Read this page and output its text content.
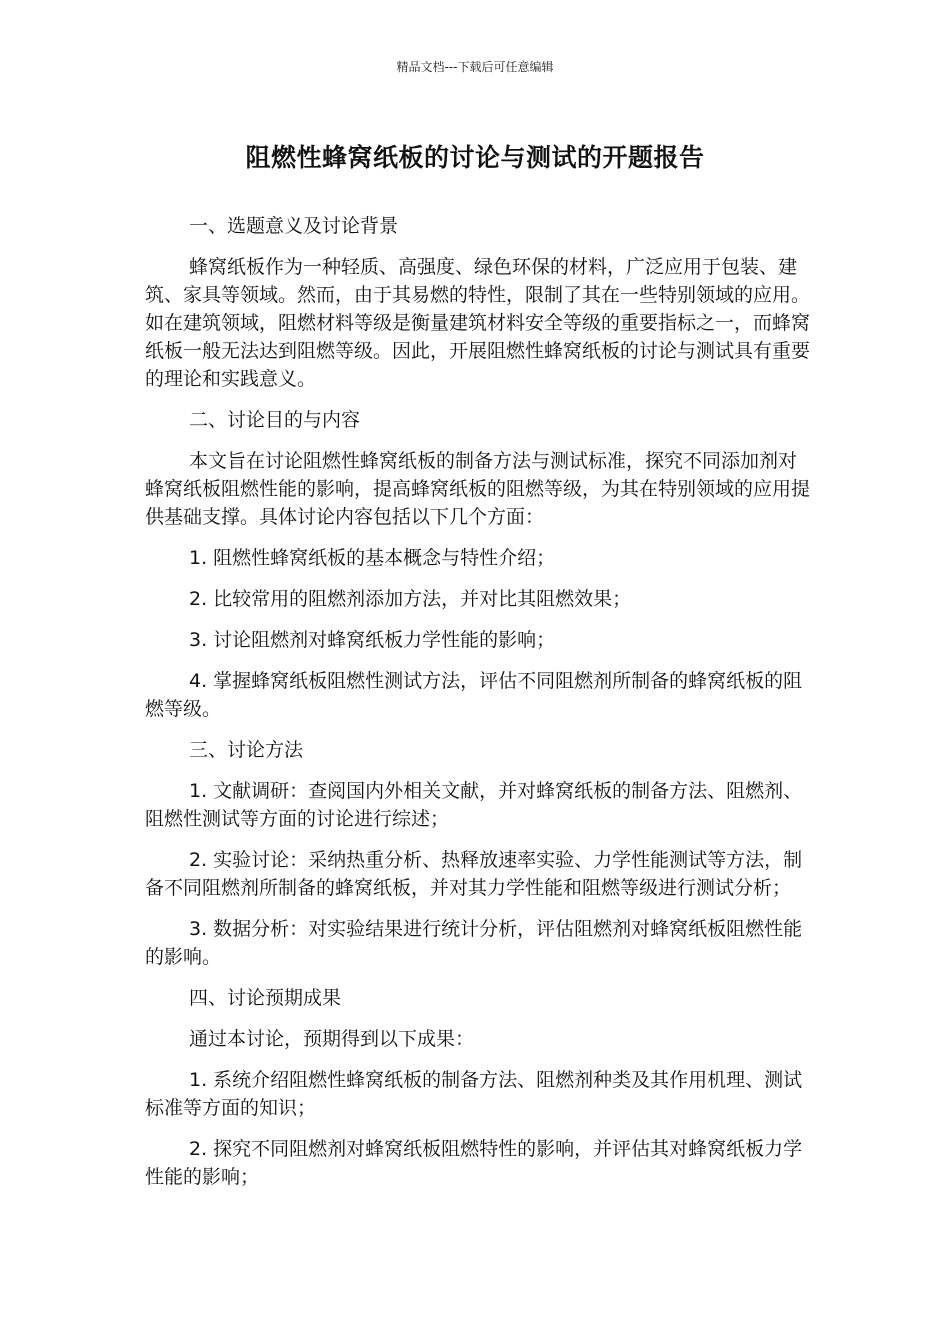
精品文档---下载后可任意编辑
阻燃性蜂窝纸板的讨论与测试的开题报告

一、选题意义及讨论背景

蜂窝纸板作为一种轻质、高强度、绿色环保的材料，广泛应用于包装、建筑、家具等领域。然而，由于其易燃的特性，限制了其在一些特别领域的应用。如在建筑领域，阻燃材料等级是衡量建筑材料安全等级的重要指标之一，而蜂窝纸板一般无法达到阻燃等级。因此，开展阻燃性蜂窝纸板的讨论与测试具有重要的理论和实践意义。

二、讨论目的与内容

本文旨在讨论阻燃性蜂窝纸板的制备方法与测试标准，探究不同添加剂对蜂窝纸板阻燃性能的影响，提高蜂窝纸板的阻燃等级，为其在特别领域的应用提供基础支撑。具体讨论内容包括以下几个方面：

1. 阻燃性蜂窝纸板的基本概念与特性介绍；

2. 比较常用的阻燃剂添加方法，并对比其阻燃效果；

3. 讨论阻燃剂对蜂窝纸板力学性能的影响；

4. 掌握蜂窝纸板阻燃性测试方法，评估不同阻燃剂所制备的蜂窝纸板的阻燃等级。

三、讨论方法

1. 文献调研：查阅国内外相关文献，并对蜂窝纸板的制备方法、阻燃剂、阻燃性测试等方面的讨论进行综述；

2. 实验讨论：采纳热重分析、热释放速率实验、力学性能测试等方法，制备不同阻燃剂所制备的蜂窝纸板，并对其力学性能和阻燃等级进行测试分析；

3. 数据分析：对实验结果进行统计分析，评估阻燃剂对蜂窝纸板阻燃性能的影响。

四、讨论预期成果

通过本讨论，预期得到以下成果：

1. 系统介绍阻燃性蜂窝纸板的制备方法、阻燃剂种类及其作用机理、测试标准等方面的知识；

2. 探究不同阻燃剂对蜂窝纸板阻燃特性的影响，并评估其对蜂窝纸板力学性能的影响；
